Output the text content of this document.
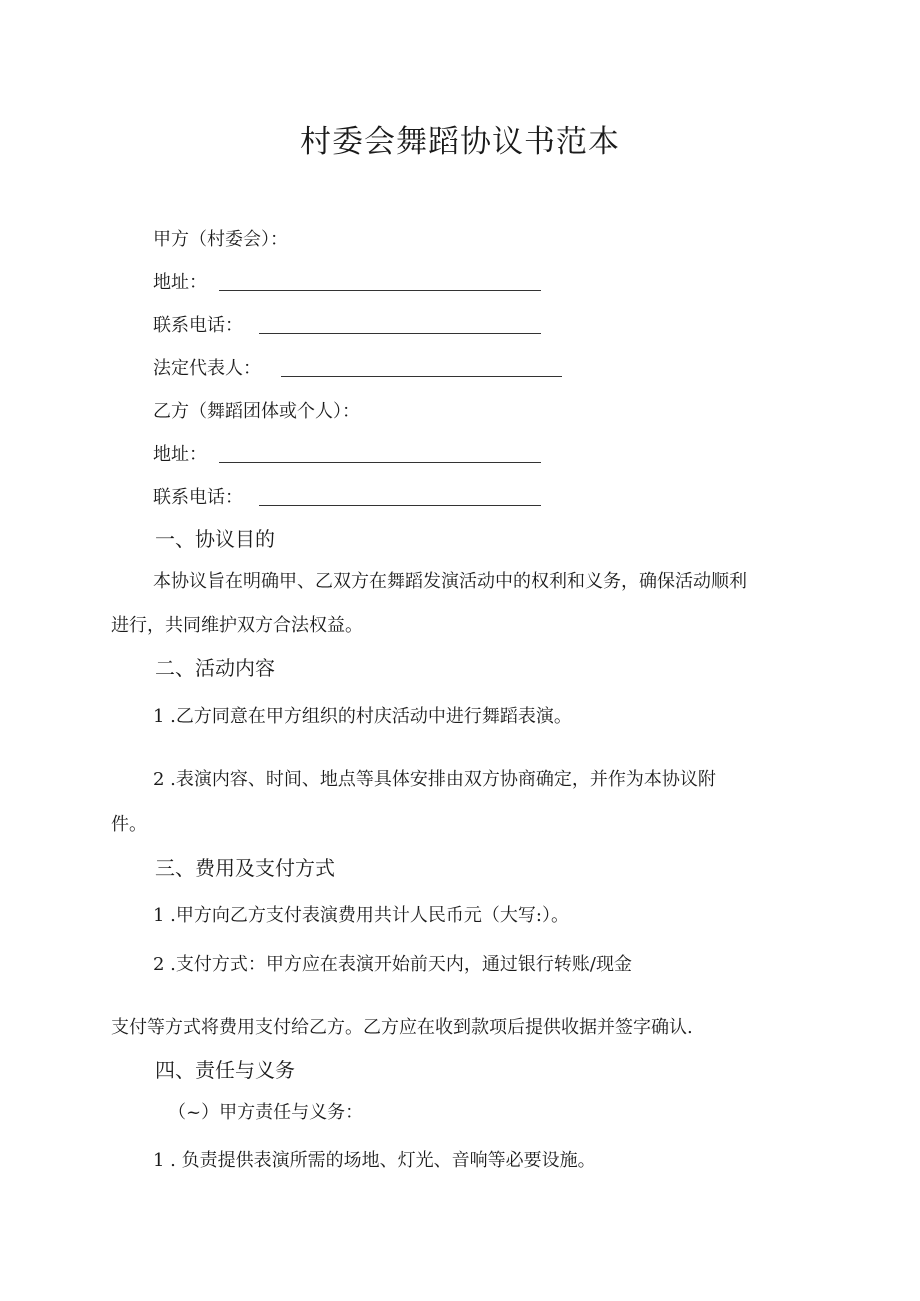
村委会舞蹈协议书范本
甲方（村委会）：
地址：
联系电话：
法定代表人：
乙方（舞蹈团体或个人）：
地址：
联系电话：
一、协议目的
本协议旨在明确甲、乙双方在舞蹈发演活动中的权利和义务，确保活动顺利
进行，共同维护双方合法权益。
二、活动内容
1 .乙方同意在甲方组织的村庆活动中进行舞蹈表演。
2 .表演内容、时间、地点等具体安排由双方协商确定，并作为本协议附
件。
三、费用及支付方式
1 .甲方向乙方支付表演费用共计人民币元（大写:）。
2 .支付方式：甲方应在表演开始前天内，通过银行转账/现金
支付等方式将费用支付给乙方。乙方应在收到款项后提供收据并签字确认.
四、责任与义务
（~）甲方责任与义务：
1 . 负责提供表演所需的场地、灯光、音响等必要设施。
